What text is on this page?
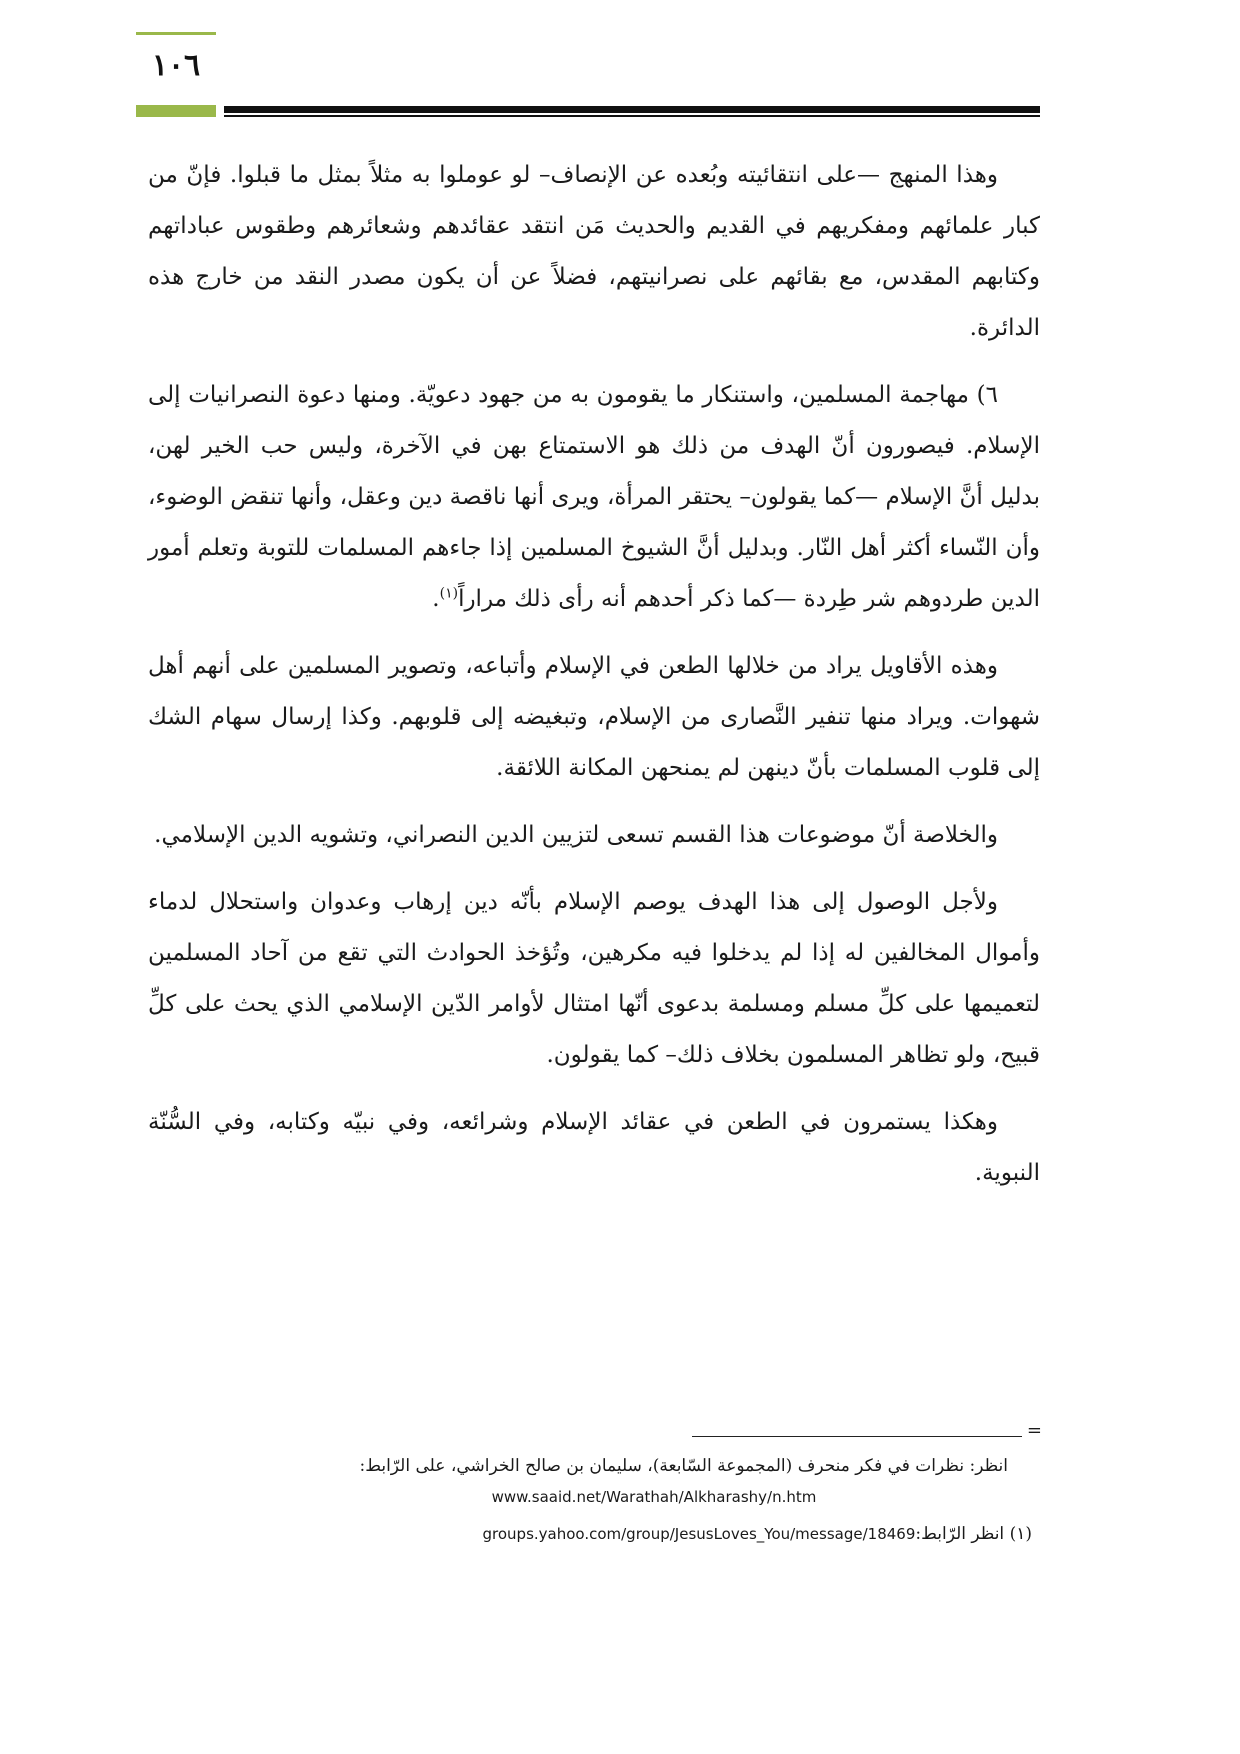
١٠٦

وهذا المنهج —على انتقائيته وبُعده عن الإنصاف– لو عوملوا به مثلاً بمثل ما قبلوا. فإنّ من كبار علمائهم ومفكريهم في القديم والحديث مَن انتقد عقائدهم وشعائرهم وطقوس عباداتهم وكتابهم المقدس، مع بقائهم على نصرانيتهم، فضلاً عن أن يكون مصدر النقد من خارج هذه الدائرة.

٦) مهاجمة المسلمين، واستنكار ما يقومون به من جهود دعويّة. ومنها دعوة النصرانيات إلى الإسلام. فيصورون أنّ الهدف من ذلك هو الاستمتاع بهن في الآخرة، وليس حب الخير لهن، بدليل أنَّ الإسلام —كما يقولون– يحتقر المرأة، ويرى أنها ناقصة دين وعقل، وأنها تنقض الوضوء، وأن النّساء أكثر أهل النّار. وبدليل أنَّ الشيوخ المسلمين إذا جاءهم المسلمات للتوبة وتعلم أمور الدين طردوهم شر طِردة —كما ذكر أحدهم أنه رأى ذلك مراراً$^{(١)}$.

وهذه الأقاويل يراد من خلالها الطعن في الإسلام وأتباعه، وتصوير المسلمين على أنهم أهل شهوات. ويراد منها تنفير النَّصارى من الإسلام، وتبغيضه إلى قلوبهم. وكذا إرسال سهام الشك إلى قلوب المسلمات بأنّ دينهن لم يمنحهن المكانة اللائقة.

والخلاصة أنّ موضوعات هذا القسم تسعى لتزيين الدين النصراني، وتشويه الدين الإسلامي.

ولأجل الوصول إلى هذا الهدف يوصم الإسلام بأنّه دين إرهاب وعدوان واستحلال لدماء وأموال المخالفين له إذا لم يدخلوا فيه مكرهين، وتُؤخذ الحوادث التي تقع من آحاد المسلمين لتعميمها على كلِّ مسلم ومسلمة بدعوى أنّها امتثال لأوامر الدّين الإسلامي الذي يحث على كلِّ قبيح، ولو تظاهر المسلمون بخلاف ذلك– كما يقولون.

وهكذا يستمرون في الطعن في عقائد الإسلام وشرائعه، وفي نبيّه وكتابه، وفي السُّنّة النبوية.

=

انظر: نظرات في فكر منحرف (المجموعة السّابعة)، سليمان بن صالح الخراشي، على الرّابط:

www.saaid.net/Warathah/Alkharashy/n.htm

(١) انظر الرّابط:groups.yahoo.com/group/JesusLoves_You/message/18469
